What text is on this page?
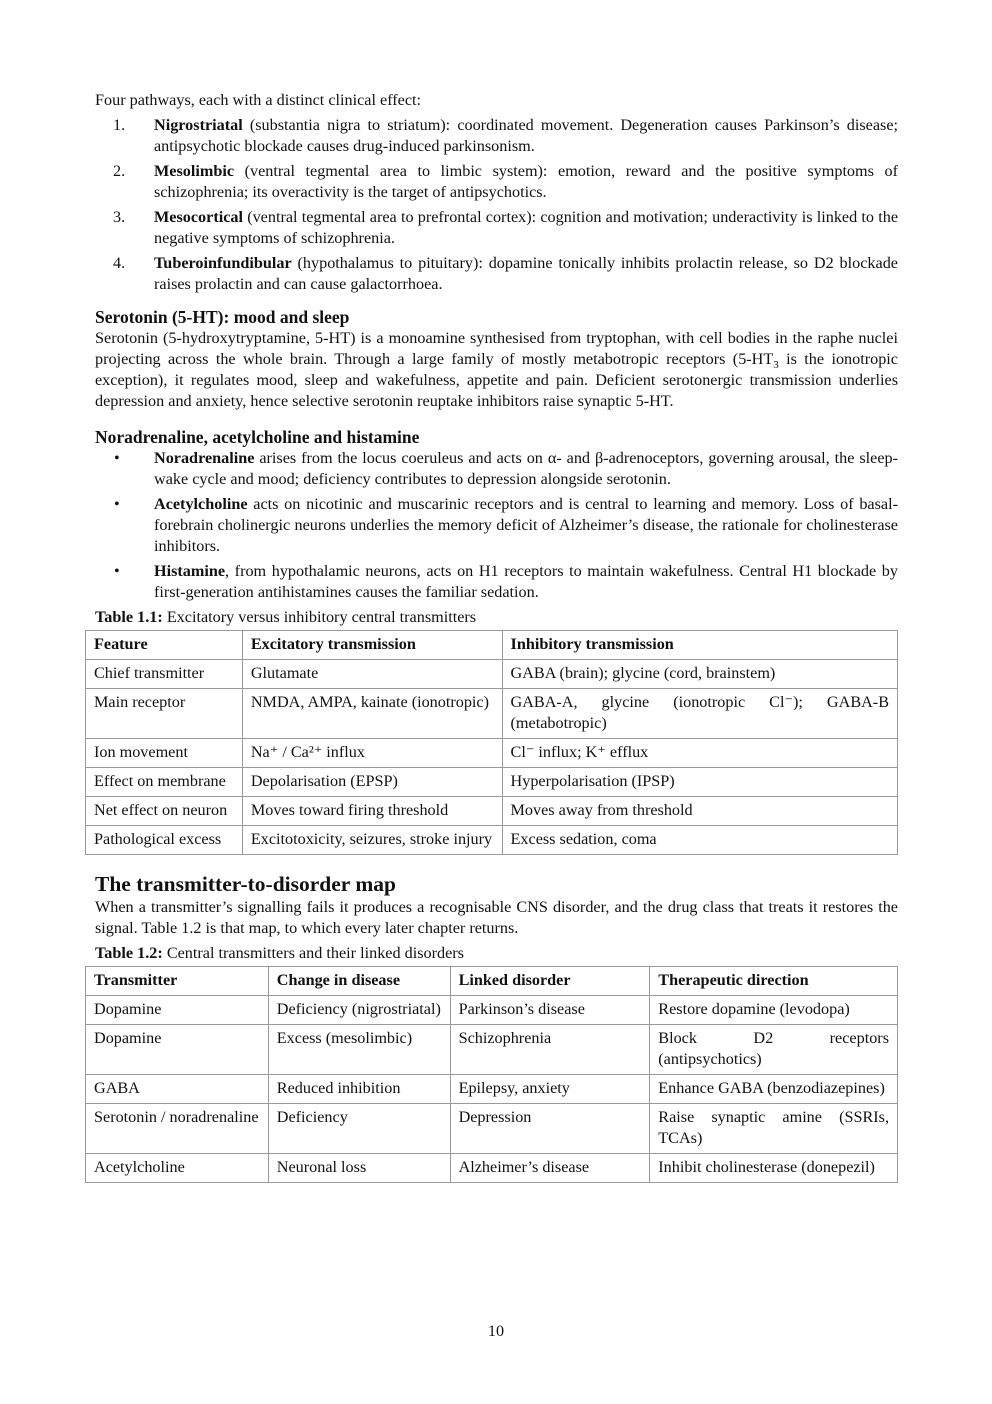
Four pathways, each with a distinct clinical effect:

1. Nigrostriatal (substantia nigra to striatum): coordinated movement. Degeneration causes Parkinson’s disease; antipsychotic blockade causes drug-induced parkinsonism.
2. Mesolimbic (ventral tegmental area to limbic system): emotion, reward and the positive symptoms of schizophrenia; its overactivity is the target of antipsychotics.
3. Mesocortical (ventral tegmental area to prefrontal cortex): cognition and motivation; underactivity is linked to the negative symptoms of schizophrenia.
4. Tuberoinfundibular (hypothalamus to pituitary): dopamine tonically inhibits prolactin release, so D2 blockade raises prolactin and can cause galactorrhoea.
Serotonin (5-HT): mood and sleep

Serotonin (5-hydroxytryptamine, 5-HT) is a monoamine synthesised from tryptophan, with cell bodies in the raphe nuclei projecting across the whole brain. Through a large family of mostly metabotropic receptors ($5-HT_3$ is the ionotropic exception), it regulates mood, sleep and wakefulness, appetite and pain. Deficient serotonergic transmission underlies depression and anxiety, hence selective serotonin reuptake inhibitors raise synaptic 5-HT.

Noradrenaline, acetylcholine and histamine
• Noradrenaline arises from the locus coeruleus and acts on α- and β-adrenoceptors, governing arousal, the sleep-wake cycle and mood; deficiency contributes to depression alongside serotonin.
• Acetylcholine acts on nicotinic and muscarinic receptors and is central to learning and memory. Loss of basal-forebrain cholinergic neurons underlies the memory deficit of Alzheimer’s disease, the rationale for cholinesterase inhibitors.
• Histamine, from hypothalamic neurons, acts on H1 receptors to maintain wakefulness. Central H1 blockade by first-generation antihistamines causes the familiar sedation.

Table 1.1: Excitatory versus inhibitory central transmitters

Feature	Excitatory transmission	Inhibitory transmission
Chief transmitter	Glutamate	GABA (brain); glycine (cord, brainstem)
Main receptor	NMDA, AMPA, kainate (ionotropic)	GABA-A, glycine (ionotropic Cl⁻); GABA-B (metabotropic)
Ion movement	Na⁺ / Ca²⁺ influx	Cl⁻ influx; K⁺ efflux
Effect on membrane	Depolarisation (EPSP)	Hyperpolarisation (IPSP)
Net effect on neuron	Moves toward firing threshold	Moves away from threshold
Pathological excess	Excitotoxicity, seizures, stroke injury	Excess sedation, coma
The transmitter-to-disorder map

When a transmitter’s signalling fails it produces a recognisable CNS disorder, and the drug class that treats it restores the signal. Table 1.2 is that map, to which every later chapter returns.

Table 1.2: Central transmitters and their linked disorders

Transmitter	Change in disease	Linked disorder	Therapeutic direction
Dopamine	Deficiency (nigrostriatal)	Parkinson’s disease	Restore dopamine (levodopa)
Dopamine	Excess (mesolimbic)	Schizophrenia	Block D2 receptors (antipsychotics)
GABA	Reduced inhibition	Epilepsy, anxiety	Enhance GABA (benzodiazepines)
Serotonin / noradrenaline	Deficiency	Depression	Raise synaptic amine (SSRIs, TCAs)
Acetylcholine	Neuronal loss	Alzheimer’s disease	Inhibit cholinesterase (donepezil)
10
